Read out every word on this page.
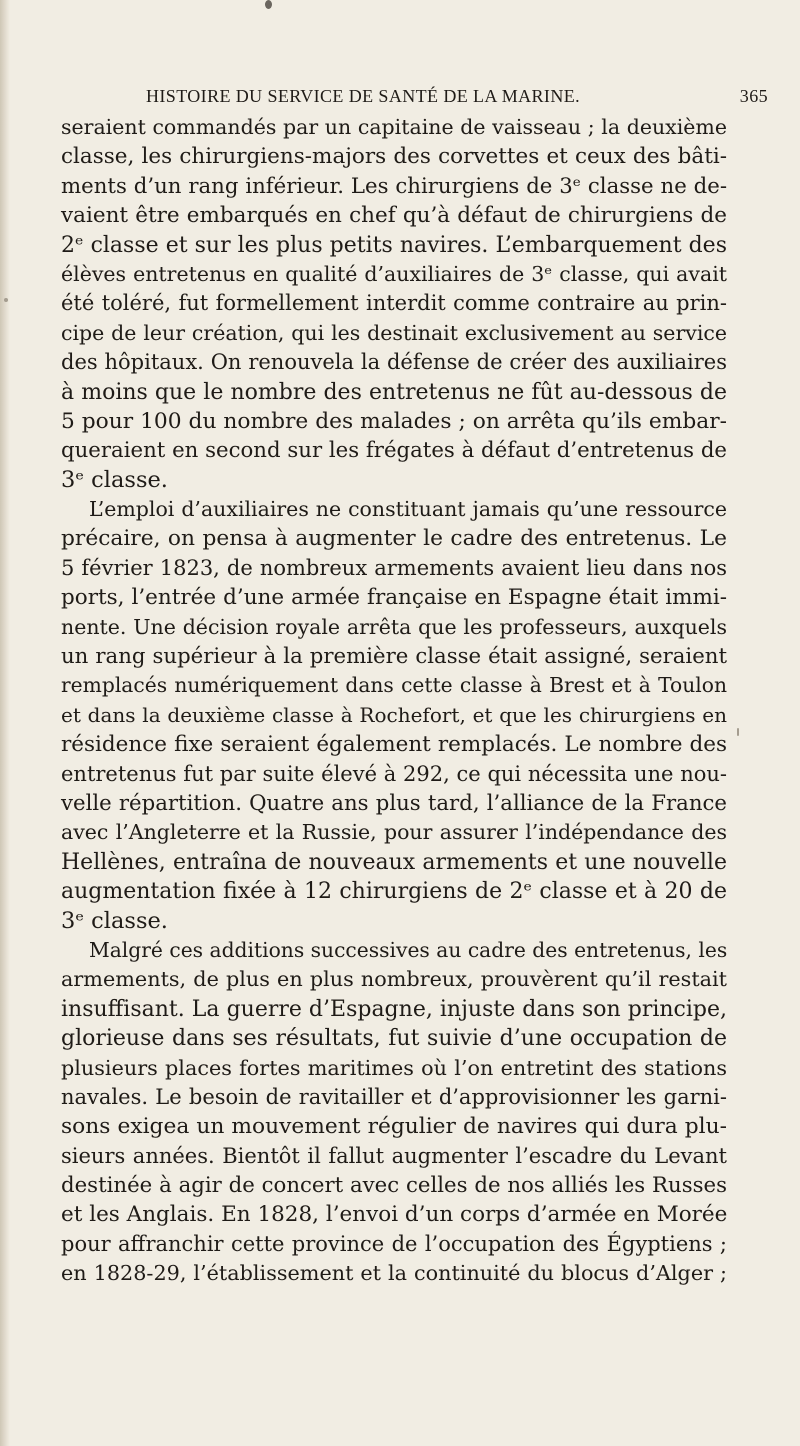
HISTOIRE DU SERVICE DE SANTÉ DE LA MARINE.	365
seraient commandés par un capitaine de vaisseau ; la deuxième
classe, les chirurgiens-majors des corvettes et ceux des bâti-
ments d’un rang inférieur. Les chirurgiens de 3ᵉ classe ne de-
vaient être embarqués en chef qu’à défaut de chirurgiens de
2ᵉ classe et sur les plus petits navires. L’embarquement des
élèves entretenus en qualité d’auxiliaires de 3ᵉ classe, qui avait
été toléré, fut formellement interdit comme contraire au prin-
cipe de leur création, qui les destinait exclusivement au service
des hôpitaux. On renouvela la défense de créer des auxiliaires
à moins que le nombre des entretenus ne fût au-dessous de
5 pour 100 du nombre des malades ; on arrêta qu’ils embar-
queraient en second sur les frégates à défaut d’entretenus de
3ᵉ classe.
L’emploi d’auxiliaires ne constituant jamais qu’une ressource
précaire, on pensa à augmenter le cadre des entretenus. Le
5 février 1823, de nombreux armements avaient lieu dans nos
ports, l’entrée d’une armée française en Espagne était immi-
nente. Une décision royale arrêta que les professeurs, auxquels
un rang supérieur à la première classe était assigné, seraient
remplacés numériquement dans cette classe à Brest et à Toulon
et dans la deuxième classe à Rochefort, et que les chirurgiens en
résidence fixe seraient également remplacés. Le nombre des
entretenus fut par suite élevé à 292, ce qui nécessita une nou-
velle répartition. Quatre ans plus tard, l’alliance de la France
avec l’Angleterre et la Russie, pour assurer l’indépendance des
Hellènes, entraîna de nouveaux armements et une nouvelle
augmentation fixée à 12 chirurgiens de 2ᵉ classe et à 20 de
3ᵉ classe.
Malgré ces additions successives au cadre des entretenus, les
armements, de plus en plus nombreux, prouvèrent qu’il restait
insuffisant. La guerre d’Espagne, injuste dans son principe,
glorieuse dans ses résultats, fut suivie d’une occupation de
plusieurs places fortes maritimes où l’on entretint des stations
navales. Le besoin de ravitailler et d’approvisionner les garni-
sons exigea un mouvement régulier de navires qui dura plu-
sieurs années. Bientôt il fallut augmenter l’escadre du Levant
destinée à agir de concert avec celles de nos alliés les Russes
et les Anglais. En 1828, l’envoi d’un corps d’armée en Morée
pour affranchir cette province de l’occupation des Égyptiens ;
en 1828-29, l’établissement et la continuité du blocus d’Alger ;
